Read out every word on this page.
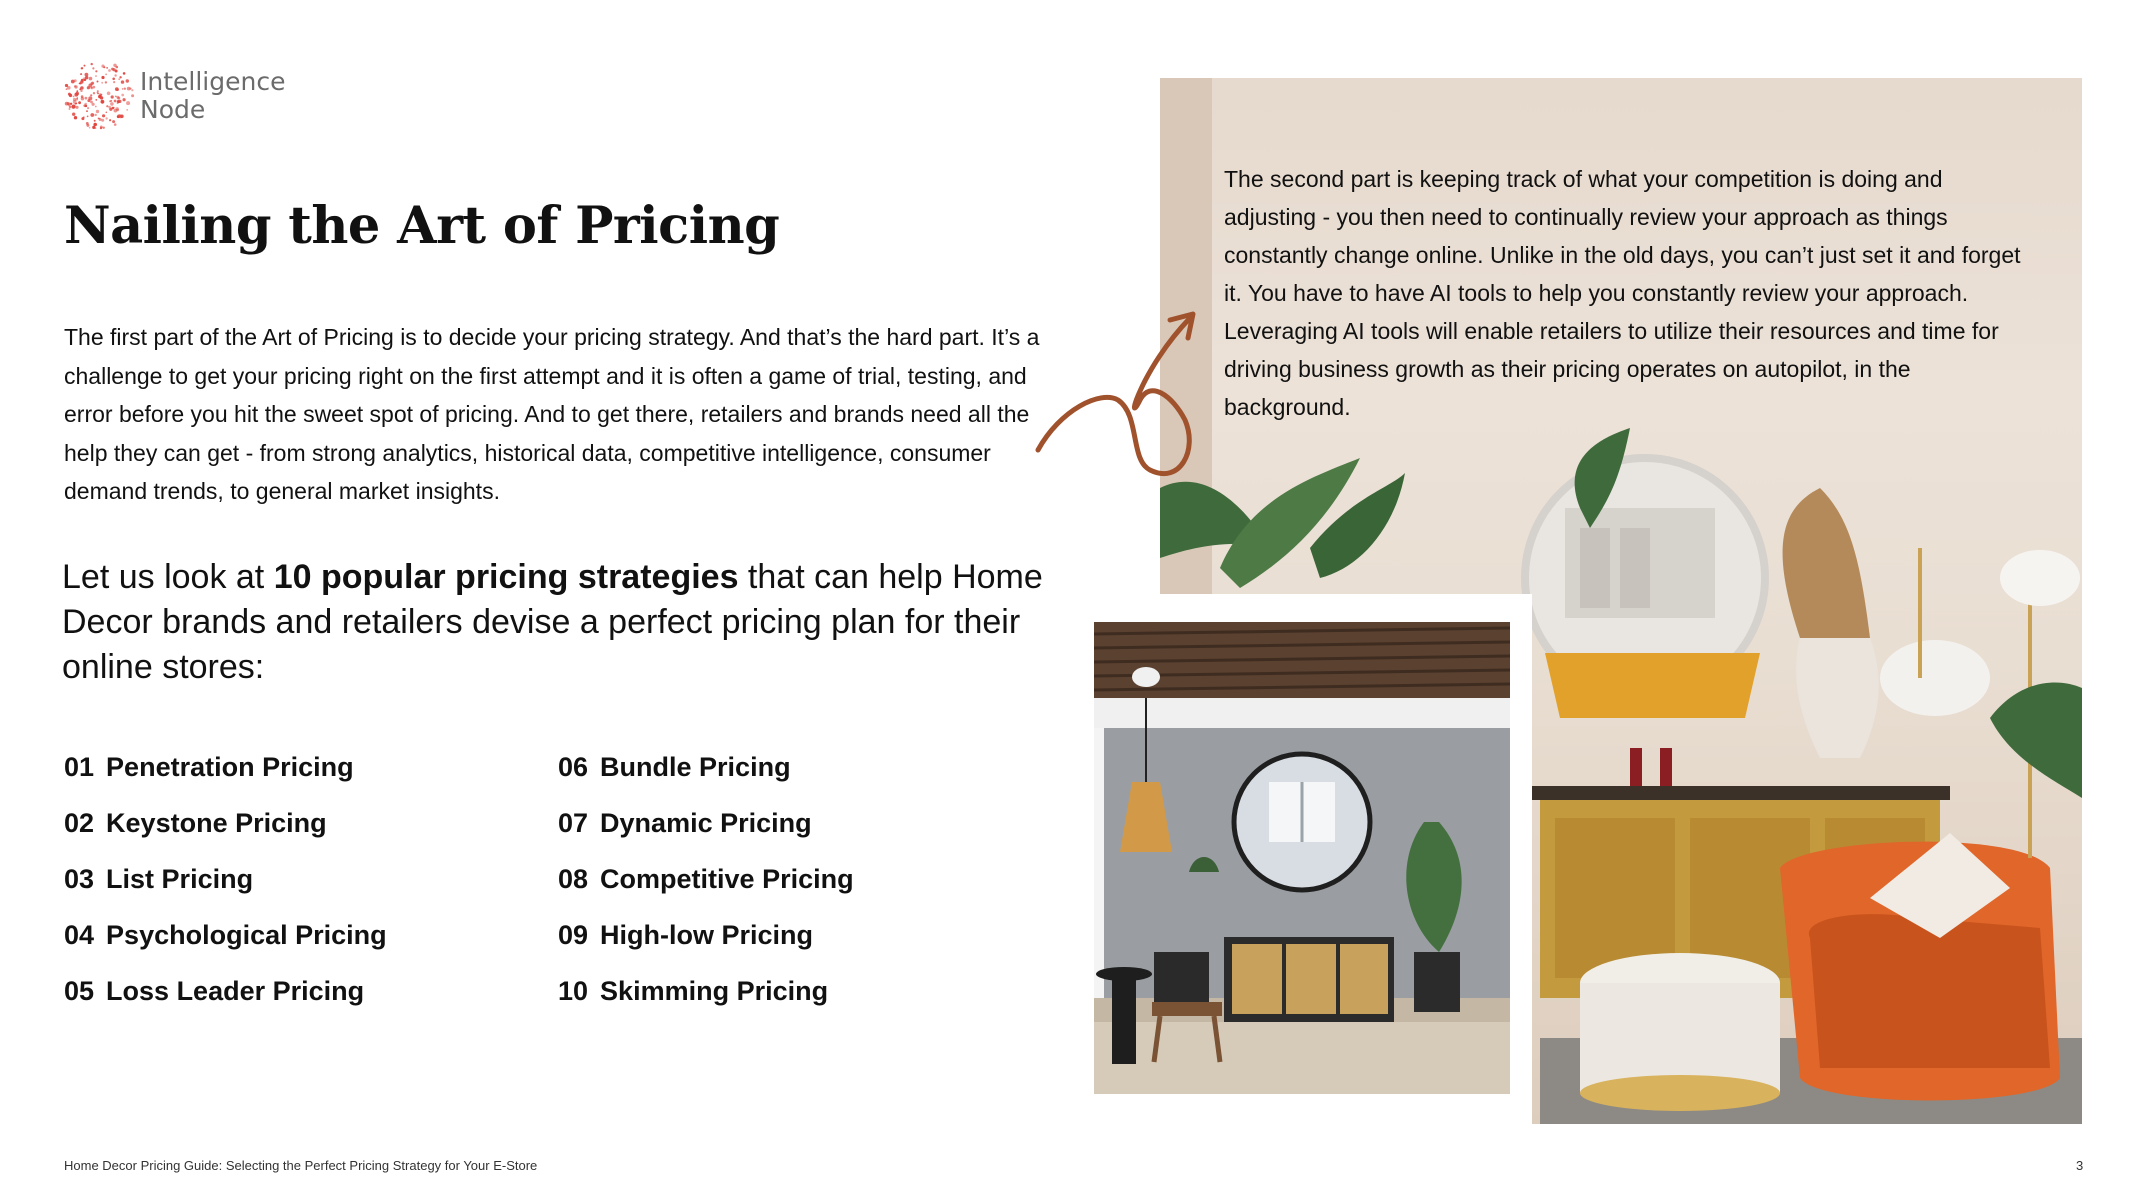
Intelligence
Node
Nailing the Art of Pricing
The first part of the Art of Pricing is to decide your pricing strategy. And that’s the hard part. It’s a challenge to get your pricing right on the first attempt and it is often a game of trial, testing, and error before you hit the sweet spot of pricing. And to get there, retailers and brands need all the help they can get - from strong analytics, historical data, competitive intelligence, consumer demand trends, to general market insights.
Let us look at 10 popular pricing strategies that can help Home Decor brands and retailers devise a perfect pricing plan for their online stores:
01 Penetration Pricing
02 Keystone Pricing
03 List Pricing
04 Psychological Pricing
05 Loss Leader Pricing
06 Bundle Pricing
07 Dynamic Pricing
08 Competitive Pricing
09 High-low Pricing
10 Skimming Pricing
The second part is keeping track of what your competition is doing and adjusting - you then need to continually review your approach as things constantly change online. Unlike in the old days, you can’t just set it and forget it. You have to have AI tools to help you constantly review your approach. Leveraging AI tools will enable retailers to utilize their resources and time for driving business growth as their pricing operates on autopilot, in the background.
Home Decor Pricing Guide: Selecting the Perfect Pricing Strategy for Your E-Store	3
